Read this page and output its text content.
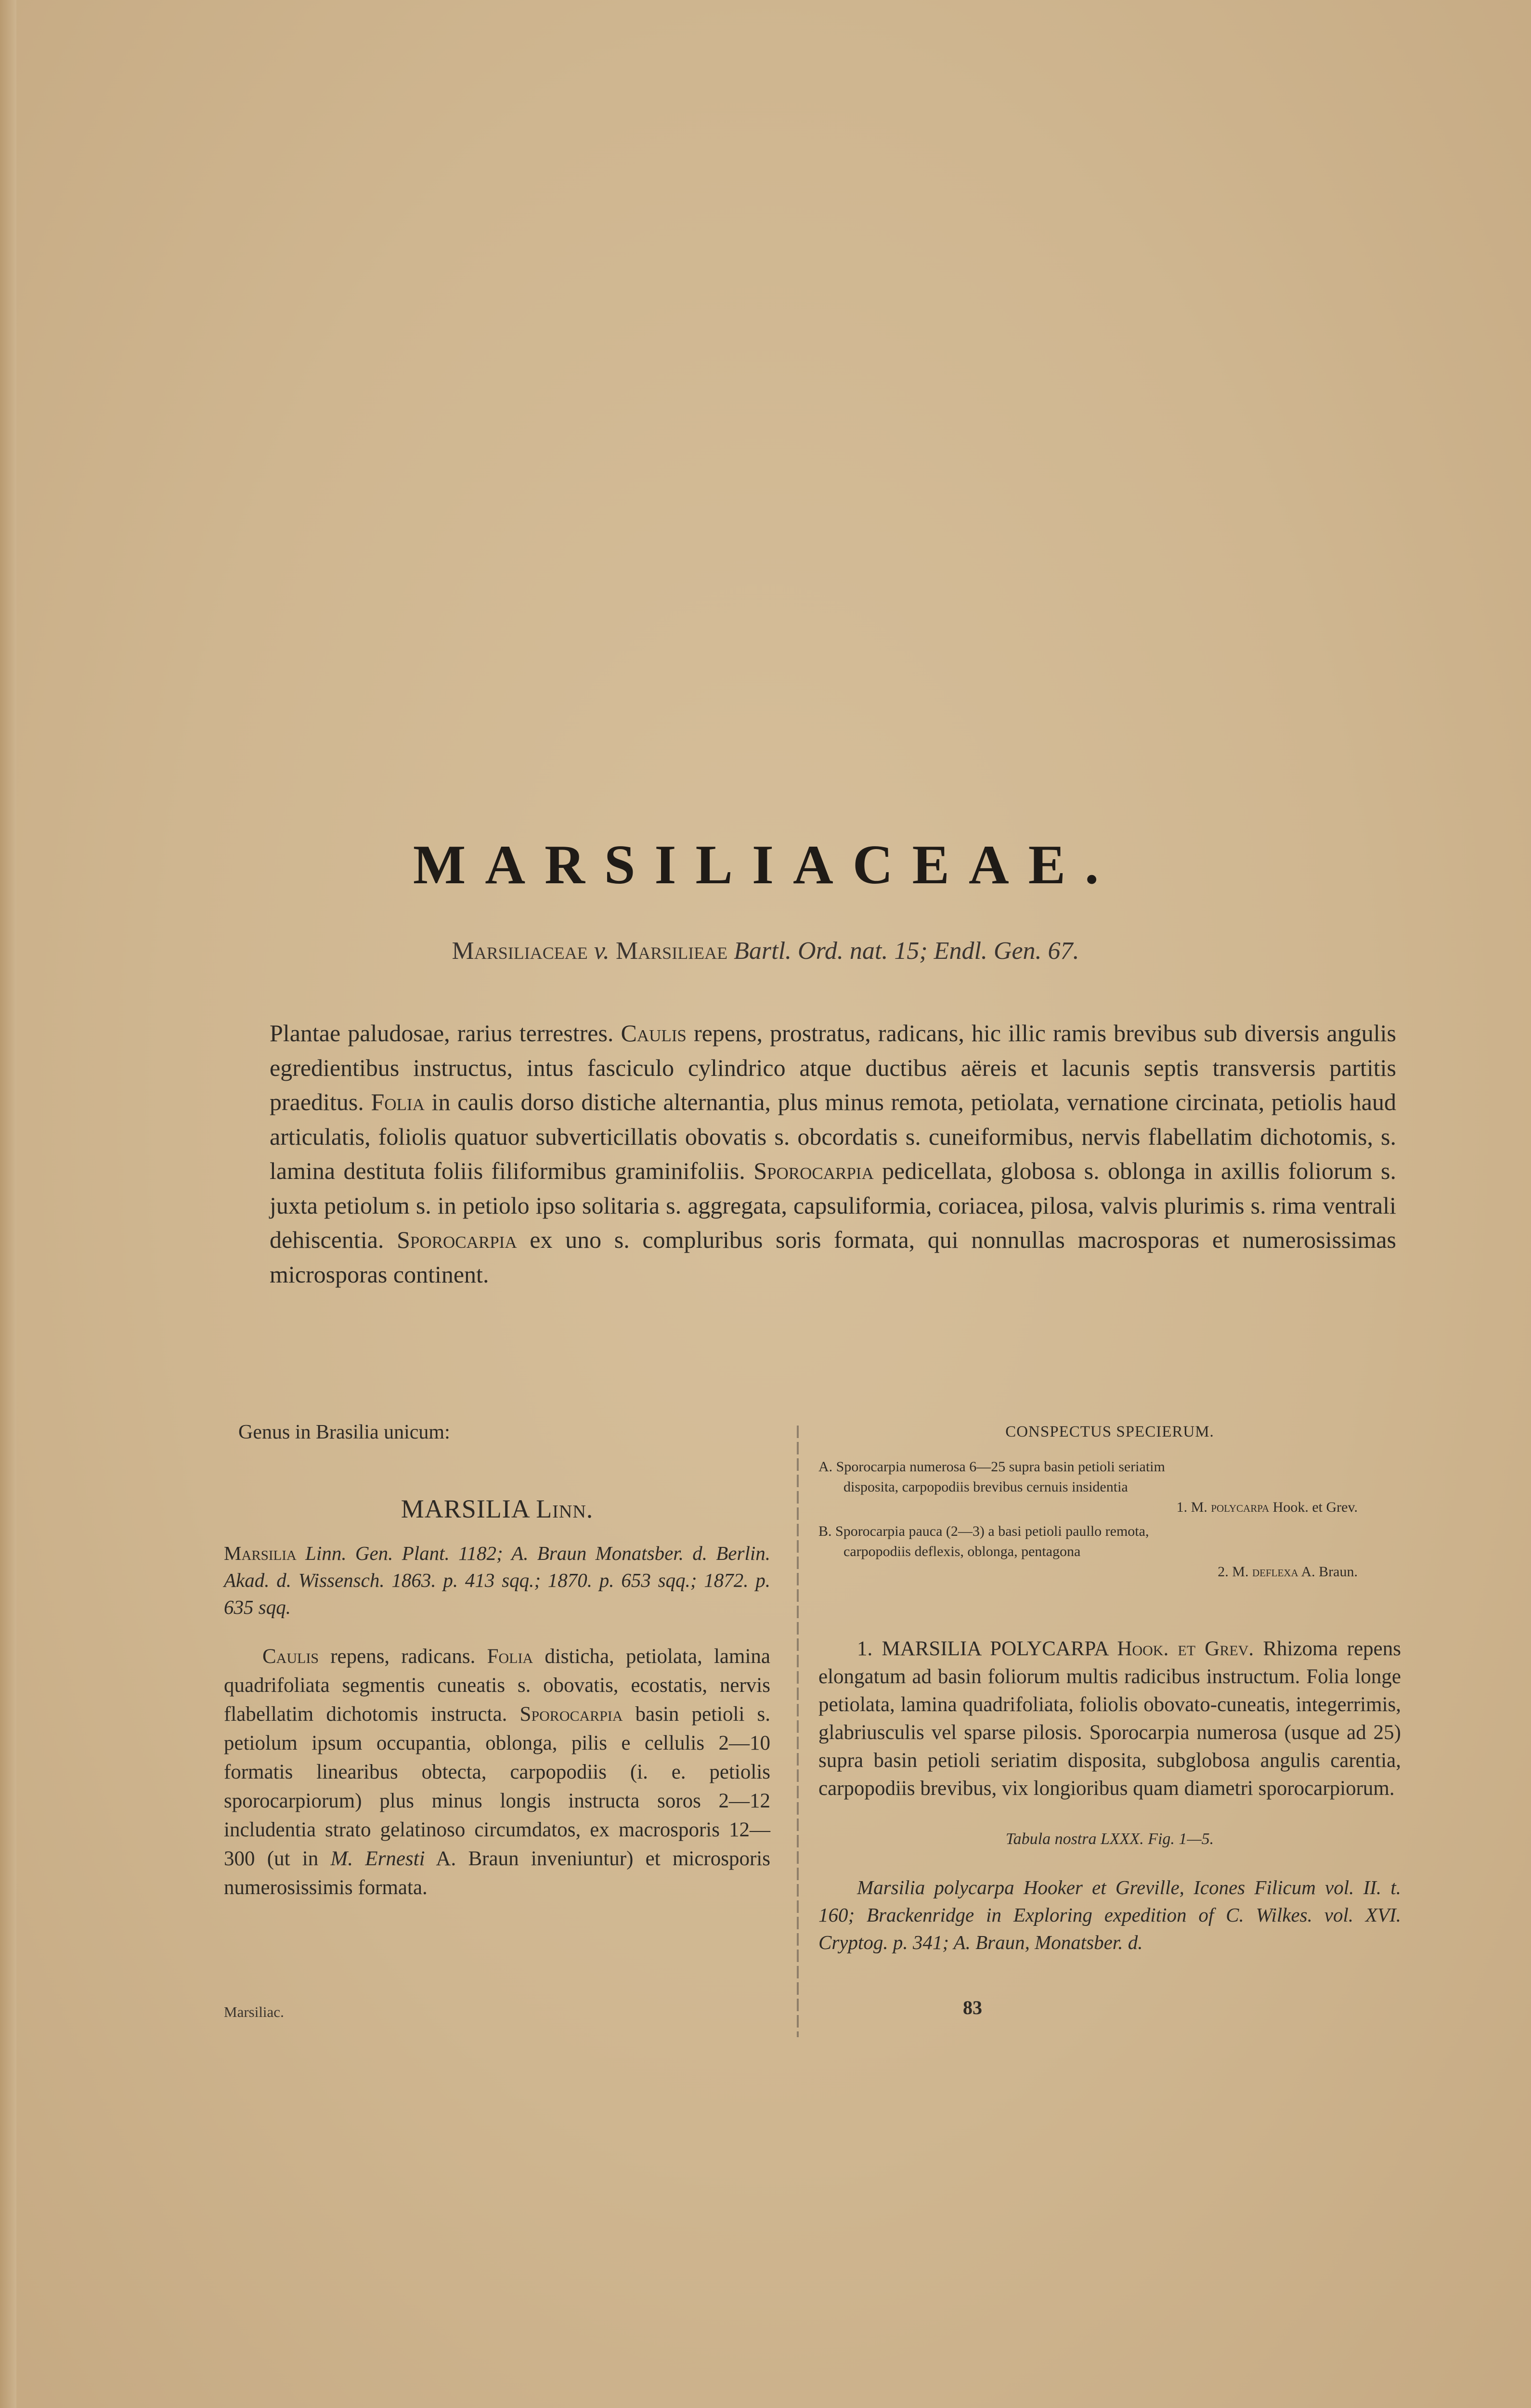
MARSILIACEAE.
Marsiliaceae v. Marsilieae Bartl. Ord. nat. 15; Endl. Gen. 67.

Plantae paludosae, rarius terrestres. Caulis repens, prostratus, radicans, hic illic ramis brevibus sub diversis angulis egredientibus instructus, intus fasciculo cylindrico atque ductibus aëreis et lacunis septis transversis partitis praeditus. Folia in caulis dorso distiche alternantia, plus minus remota, petiolata, vernatione circinata, petiolis haud articulatis, foliolis quatuor subverticillatis obovatis s. obcordatis s. cuneiformibus, nervis flabellatim dichotomis, s. lamina destituta foliis filiformibus graminifoliis. Sporocarpia pedicellata, globosa s. oblonga in axillis foliorum s. juxta petiolum s. in petiolo ipso solitaria s. aggregata, capsuliformia, coriacea, pilosa, valvis plurimis s. rima ventrali dehiscentia. Sporocarpia ex uno s. compluribus soris formata, qui nonnullas macrosporas et numerosissimas microsporas continent.

Genus in Brasilia unicum:

MARSILIA Linn.

Marsilia Linn. Gen. Plant. 1182; A. Braun Monatsber. d. Berlin. Akad. d. Wissensch. 1863. p. 413 sqq.; 1870. p. 653 sqq.; 1872. p. 635 sqq.

Caulis repens, radicans. Folia disticha, petiolata, lamina quadrifoliata segmentis cuneatis s. obovatis, ecostatis, nervis flabellatim dichotomis instructa. Sporocarpia basin petioli s. petiolum ipsum occupantia, oblonga, pilis e cellulis 2—10 formatis linearibus obtecta, carpopodiis (i. e. petiolis sporocarpiorum) plus minus longis instructa soros 2—12 includentia strato gelatinoso circumdatos, ex macrosporis 12—300 (ut in M. Ernesti A. Braun inveniuntur) et microsporis numerosissimis formata.

Marsiliac.

CONSPECTUS SPECIERUM.

A. Sporocarpia numerosa 6—25 supra basin petioli seriatim
disposita, carpopodiis brevibus cernuis insidentia
1. M. polycarpa Hook. et Grev.
B. Sporocarpia pauca (2—3) a basi petioli paullo remota,
carpopodiis deflexis, oblonga, pentagona
2. M. deflexa A. Braun.

1. MARSILIA POLYCARPA Hook. et Grev. Rhizoma repens elongatum ad basin foliorum multis radicibus instructum. Folia longe petiolata, lamina quadrifoliata, foliolis obovato-cuneatis, integerrimis, glabriusculis vel sparse pilosis. Sporocarpia numerosa (usque ad 25) supra basin petioli seriatim disposita, subglobosa angulis carentia, carpopodiis brevibus, vix longioribus quam diametri sporocarpiorum.

Tabula nostra LXXX. Fig. 1—5.

Marsilia polycarpa Hooker et Greville, Icones Filicum vol. II. t. 160; Brackenridge in Exploring expedition of C. Wilkes. vol. XVI. Cryptog. p. 341; A. Braun, Monatsber. d.

83
